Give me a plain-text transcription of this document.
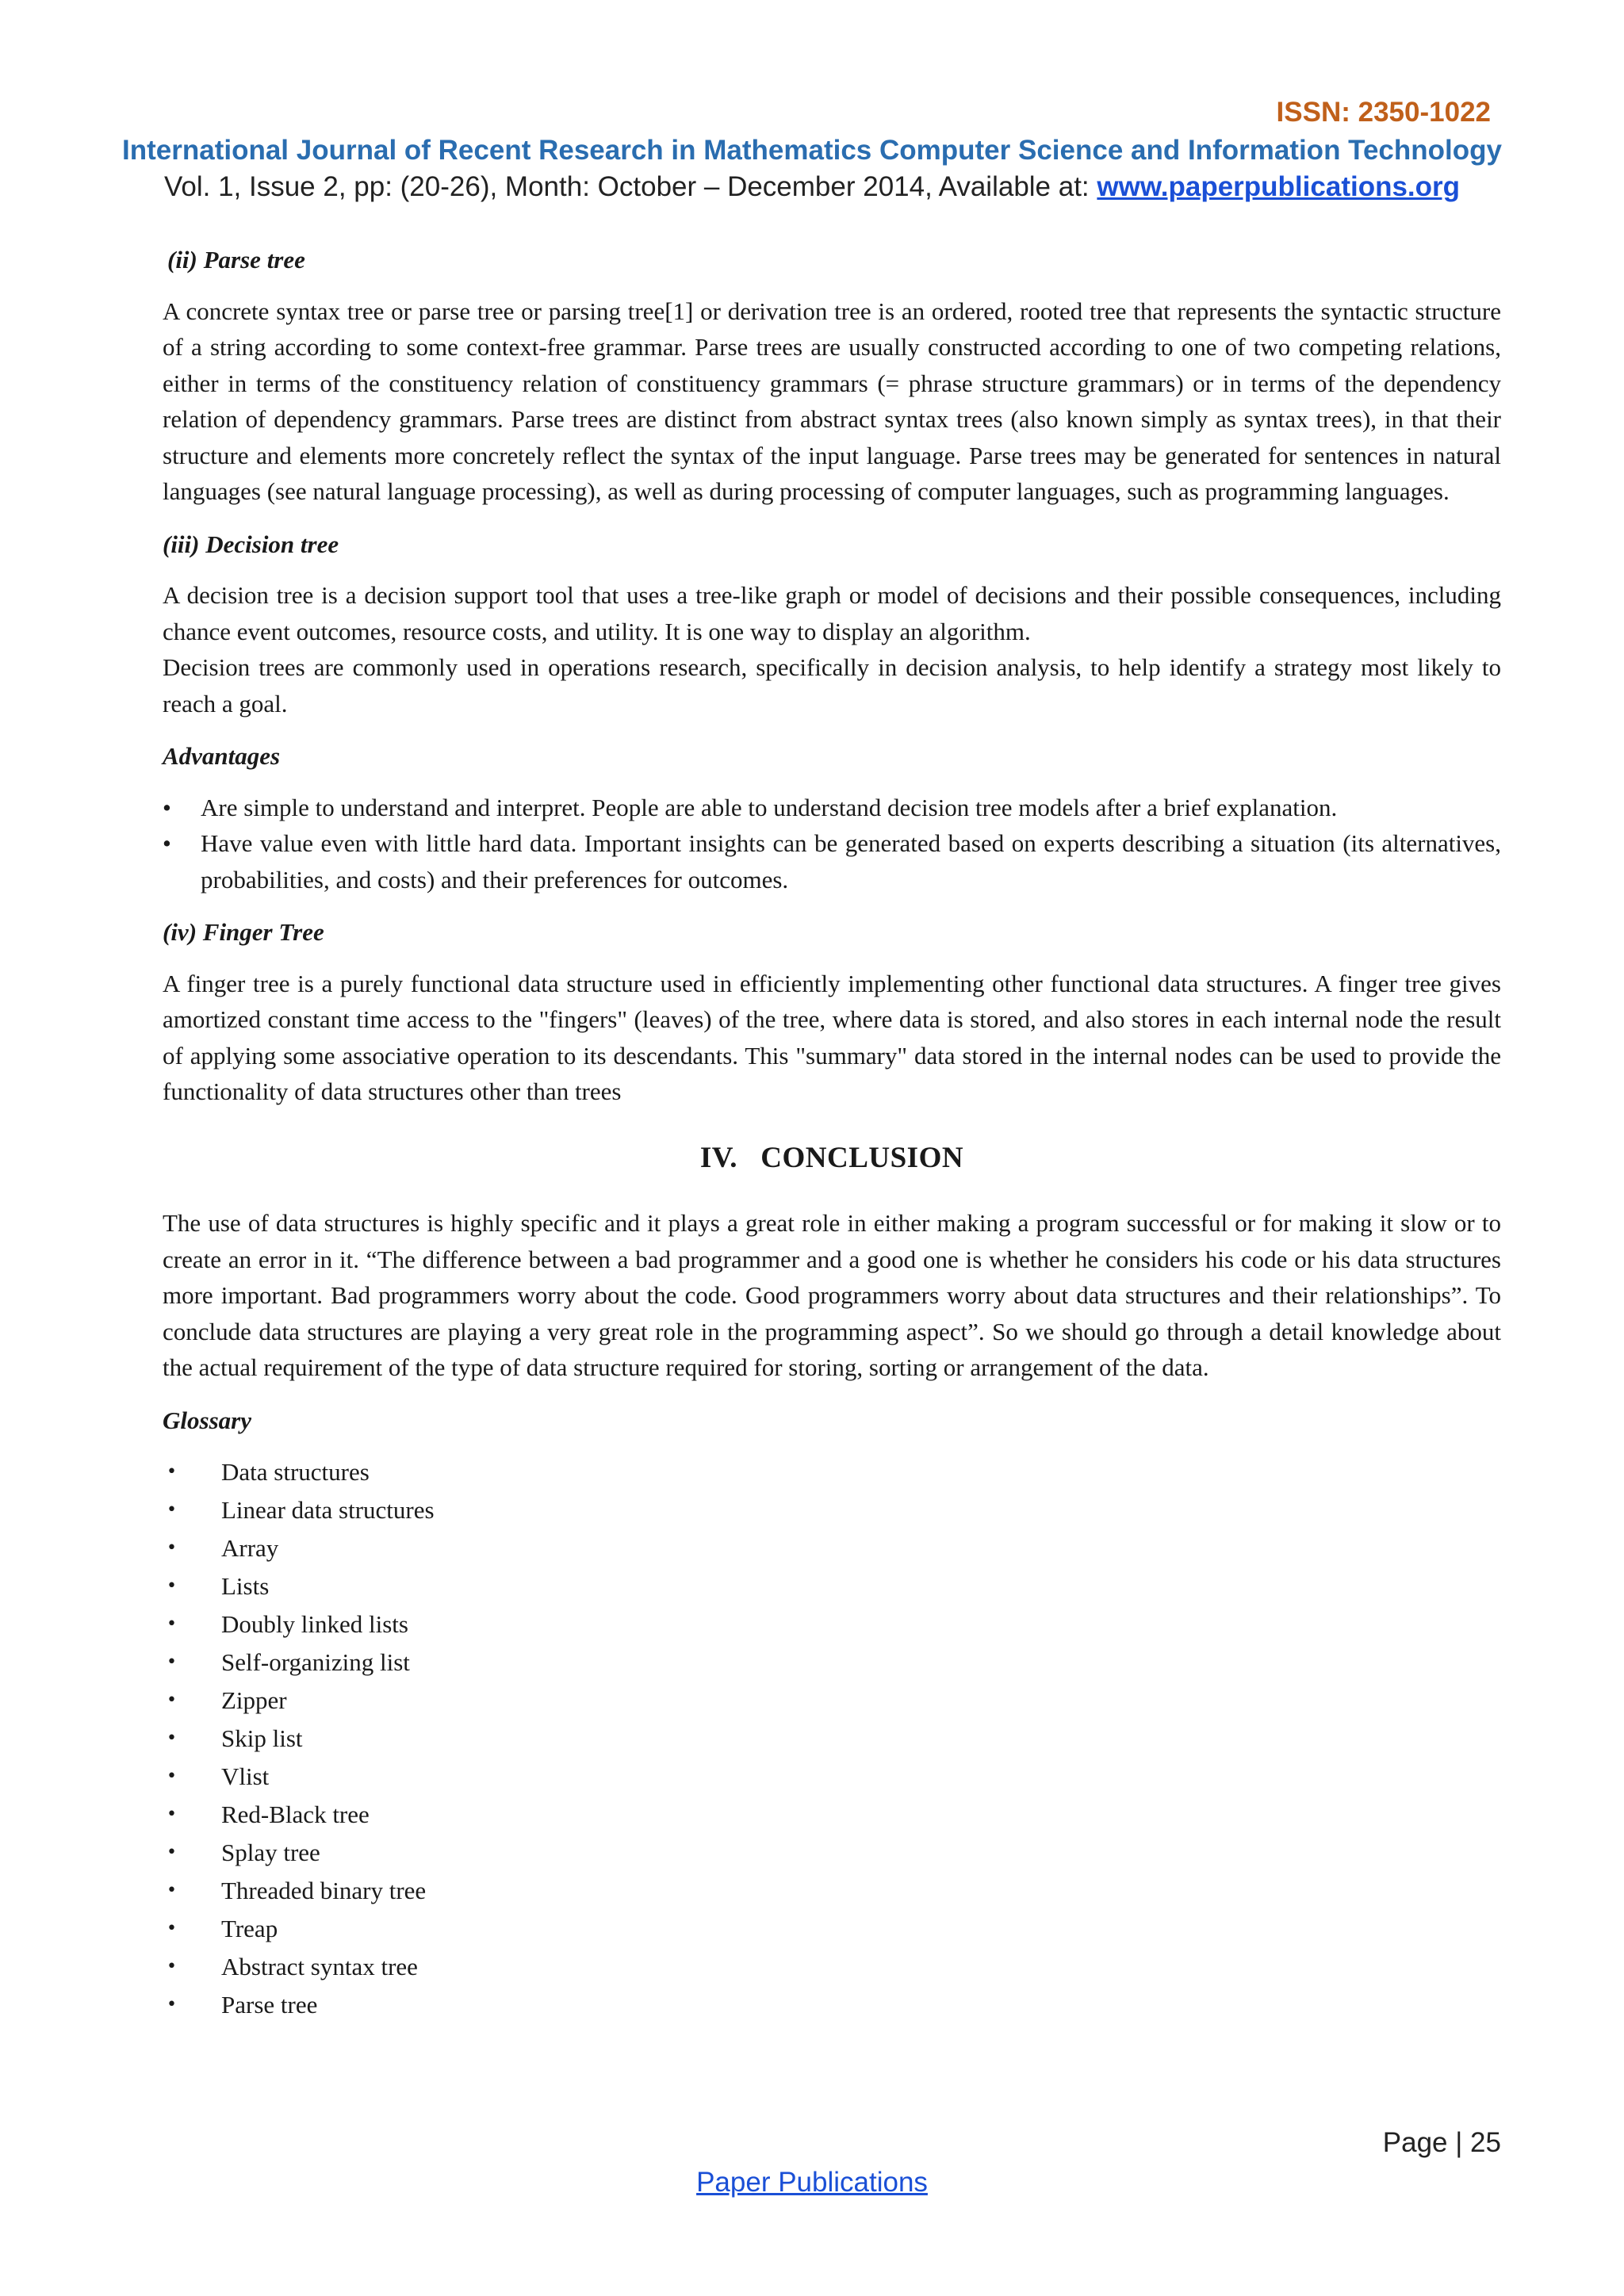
ISSN: 2350-1022
International Journal of Recent Research in Mathematics Computer Science and Information Technology
Vol. 1, Issue 2, pp: (20-26), Month: October – December 2014, Available at: www.paperpublications.org
(ii) Parse tree

A concrete syntax tree or parse tree or parsing tree[1] or derivation tree is an ordered, rooted tree that represents the syntactic structure of a string according to some context-free grammar. Parse trees are usually constructed according to one of two competing relations, either in terms of the constituency relation of constituency grammars (= phrase structure grammars) or in terms of the dependency relation of dependency grammars. Parse trees are distinct from abstract syntax trees (also known simply as syntax trees), in that their structure and elements more concretely reflect the syntax of the input language. Parse trees may be generated for sentences in natural languages (see natural language processing), as well as during processing of computer languages, such as programming languages.

(iii) Decision tree

A decision tree is a decision support tool that uses a tree-like graph or model of decisions and their possible consequences, including chance event outcomes, resource costs, and utility. It is one way to display an algorithm.

Decision trees are commonly used in operations research, specifically in decision analysis, to help identify a strategy most likely to reach a goal.

Advantages
• Are simple to understand and interpret. People are able to understand decision tree models after a brief explanation.
• Have value even with little hard data. Important insights can be generated based on experts describing a situation (its alternatives, probabilities, and costs) and their preferences for outcomes.
(iv) Finger Tree

A finger tree is a purely functional data structure used in efficiently implementing other functional data structures. A finger tree gives amortized constant time access to the "fingers" (leaves) of the tree, where data is stored, and also stores in each internal node the result of applying some associative operation to its descendants. This "summary" data stored in the internal nodes can be used to provide the functionality of data structures other than trees

IV.   CONCLUSION

The use of data structures is highly specific and it plays a great role in either making a program successful or for making it slow or to create an error in it. “The difference between a bad programmer and a good one is whether he considers his code or his data structures more important. Bad programmers worry about the code. Good programmers worry about data structures and their relationships”. To conclude data structures are playing a very great role in the programming aspect”. So we should go through a detail knowledge about the actual requirement of the type of data structure required for storing, sorting or arrangement of the data.

Glossary
• Data structures
• Linear data structures
• Array
• Lists
• Doubly linked lists
• Self-organizing list
• Zipper
• Skip list
• Vlist
• Red-Black tree
• Splay tree
• Threaded binary tree
• Treap
• Abstract syntax tree
• Parse tree
Page | 25
Paper Publications
